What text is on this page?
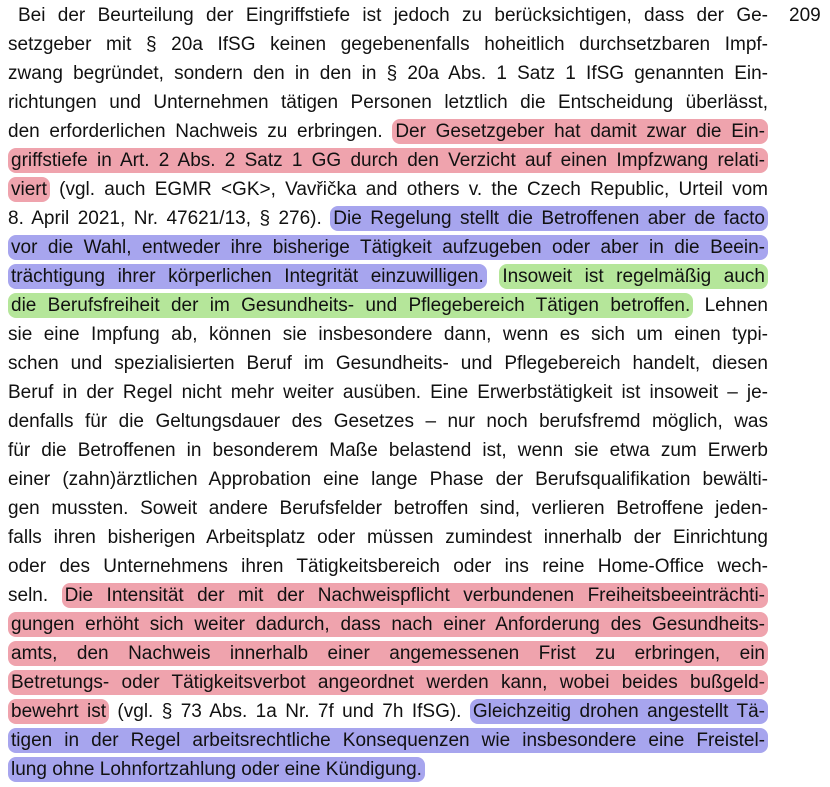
209
Bei der Beurteilung der Eingriffstiefe ist jedoch zu berücksichtigen, dass der Ge-
setzgeber mit § 20a IfSG keinen gegebenenfalls hoheitlich durchsetzbaren Impf-
zwang begründet, sondern den in den in § 20a Abs. 1 Satz 1 IfSG genannten Ein-
richtungen und Unternehmen tätigen Personen letztlich die Entscheidung überlässt,
den erforderlichen Nachweis zu erbringen. Der Gesetzgeber hat damit zwar die Ein-
griffstiefe in Art. 2 Abs. 2 Satz 1 GG durch den Verzicht auf einen Impfzwang relati-
viert (vgl. auch EGMR <GK>, Vavřička and others v. the Czech Republic, Urteil vom
8. April 2021, Nr. 47621/13, § 276). Die Regelung stellt die Betroffenen aber de facto
vor die Wahl, entweder ihre bisherige Tätigkeit aufzugeben oder aber in die Beein-
trächtigung ihrer körperlichen Integrität einzuwilligen. Insoweit ist regelmäßig auch
die Berufsfreiheit der im Gesundheits- und Pflegebereich Tätigen betroffen. Lehnen
sie eine Impfung ab, können sie insbesondere dann, wenn es sich um einen typi-
schen und spezialisierten Beruf im Gesundheits- und Pflegebereich handelt, diesen
Beruf in der Regel nicht mehr weiter ausüben. Eine Erwerbstätigkeit ist insoweit – je-
denfalls für die Geltungsdauer des Gesetzes – nur noch berufsfremd möglich, was
für die Betroffenen in besonderem Maße belastend ist, wenn sie etwa zum Erwerb
einer (zahn)ärztlichen Approbation eine lange Phase der Berufsqualifikation bewälti-
gen mussten. Soweit andere Berufsfelder betroffen sind, verlieren Betroffene jeden-
falls ihren bisherigen Arbeitsplatz oder müssen zumindest innerhalb der Einrichtung
oder des Unternehmens ihren Tätigkeitsbereich oder ins reine Home-Office wech-
seln. Die Intensität der mit der Nachweispflicht verbundenen Freiheitsbeeinträchti-
gungen erhöht sich weiter dadurch, dass nach einer Anforderung des Gesundheits-
amts, den Nachweis innerhalb einer angemessenen Frist zu erbringen, ein
Betretungs- oder Tätigkeitsverbot angeordnet werden kann, wobei beides bußgeld-
bewehrt ist (vgl. § 73 Abs. 1a Nr. 7f und 7h IfSG). Gleichzeitig drohen angestellt Tä-
tigen in der Regel arbeitsrechtliche Konsequenzen wie insbesondere eine Freistel-
lung ohne Lohnfortzahlung oder eine Kündigung.
